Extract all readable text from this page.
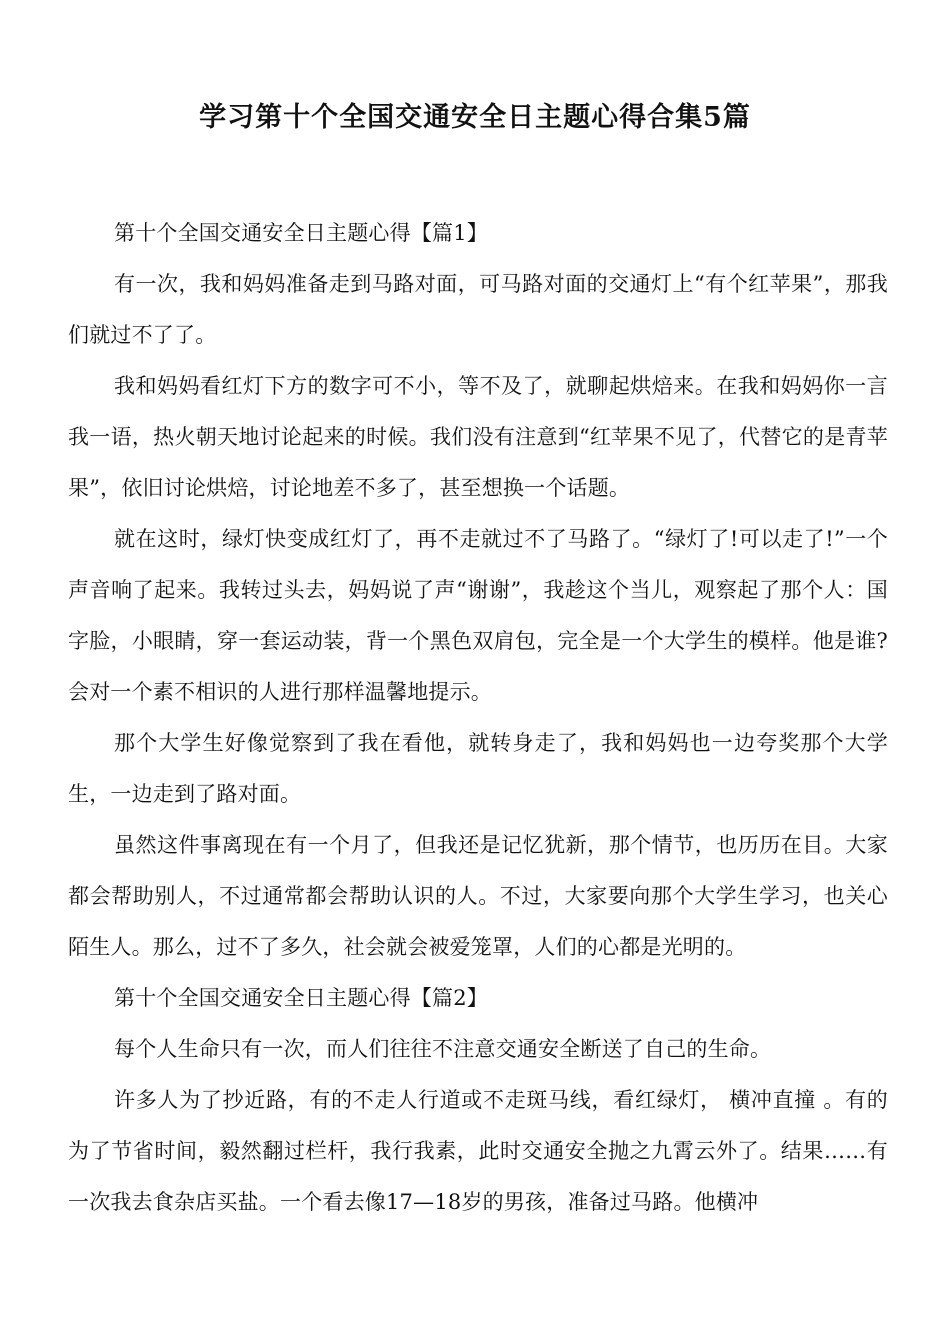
学习第十个全国交通安全日主题心得合集5篇

第十个全国交通安全日主题心得【篇1】

有一次，我和妈妈准备走到马路对面，可马路对面的交通灯上“有个红苹果”，那我们就过不了了。

我和妈妈看红灯下方的数字可不小，等不及了，就聊起烘焙来。在我和妈妈你一言我一语，热火朝天地讨论起来的时候。我们没有注意到“红苹果不见了，代替它的是青苹果”，依旧讨论烘焙，讨论地差不多了，甚至想换一个话题。

就在这时，绿灯快变成红灯了，再不走就过不了马路了。“绿灯了!可以走了!”一个声音响了起来。我转过头去，妈妈说了声“谢谢”，我趁这个当儿，观察起了那个人：国字脸，小眼睛，穿一套运动装，背一个黑色双肩包，完全是一个大学生的模样。他是谁?会对一个素不相识的人进行那样温馨地提示。

那个大学生好像觉察到了我在看他，就转身走了，我和妈妈也一边夸奖那个大学生，一边走到了路对面。

虽然这件事离现在有一个月了，但我还是记忆犹新，那个情节，也历历在目。大家都会帮助别人，不过通常都会帮助认识的人。不过，大家要向那个大学生学习，也关心陌生人。那么，过不了多久，社会就会被爱笼罩，人们的心都是光明的。

第十个全国交通安全日主题心得【篇2】

每个人生命只有一次，而人们往往不注意交通安全断送了自己的生命。

许多人为了抄近路，有的不走人行道或不走斑马线，看红绿灯， 横冲直撞 。有的为了节省时间，毅然翻过栏杆，我行我素，此时交通安全抛之九霄云外了。结果……有一次我去食杂店买盐。一个看去像17—18岁的男孩，准备过马路。他横冲
